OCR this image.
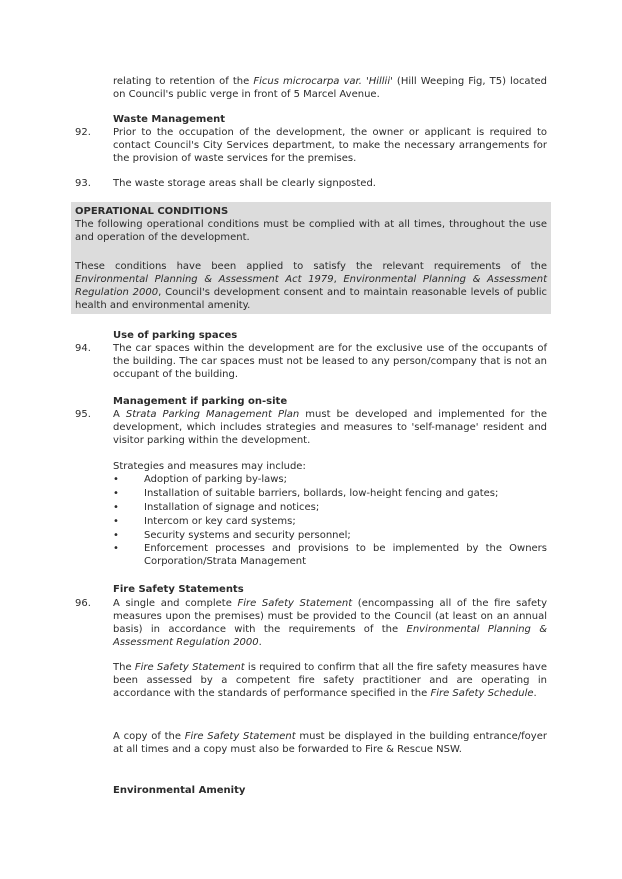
relating to retention of the Ficus microcarpa var. 'Hillii' (Hill Weeping Fig, T5) located on Council's public verge in front of 5 Marcel Avenue.

Waste Management
92. Prior to the occupation of the development, the owner or applicant is required to contact Council's City Services department, to make the necessary arrangements for the provision of waste services for the premises.

93. The waste storage areas shall be clearly signposted.

OPERATIONAL CONDITIONS

The following operational conditions must be complied with at all times, throughout the use and operation of the development.

These conditions have been applied to satisfy the relevant requirements of the Environmental Planning & Assessment Act 1979, Environmental Planning & Assessment Regulation 2000, Council's development consent and to maintain reasonable levels of public health and environmental amenity.

Use of parking spaces
94. The car spaces within the development are for the exclusive use of the occupants of the building. The car spaces must not be leased to any person/company that is not an occupant of the building.

Management if parking on-site
95. A Strata Parking Management Plan must be developed and implemented for the development, which includes strategies and measures to 'self-manage' resident and visitor parking within the development.

Strategies and measures may include:

•	Adoption of parking by-laws;

•	Installation of suitable barriers, bollards, low-height fencing and gates;

•	Installation of signage and notices;

•	Intercom or key card systems;

•	Security systems and security personnel;

•	Enforcement processes and provisions to be implemented by the Owners Corporation/Strata Management

Fire Safety Statements
96. A single and complete Fire Safety Statement (encompassing all of the fire safety measures upon the premises) must be provided to the Council (at least on an annual basis) in accordance with the requirements of the Environmental Planning & Assessment Regulation 2000.

The Fire Safety Statement is required to confirm that all the fire safety measures have been assessed by a competent fire safety practitioner and are operating in accordance with the standards of performance specified in the Fire Safety Schedule.

A copy of the Fire Safety Statement must be displayed in the building entrance/foyer at all times and a copy must also be forwarded to Fire & Rescue NSW.

Environmental Amenity
